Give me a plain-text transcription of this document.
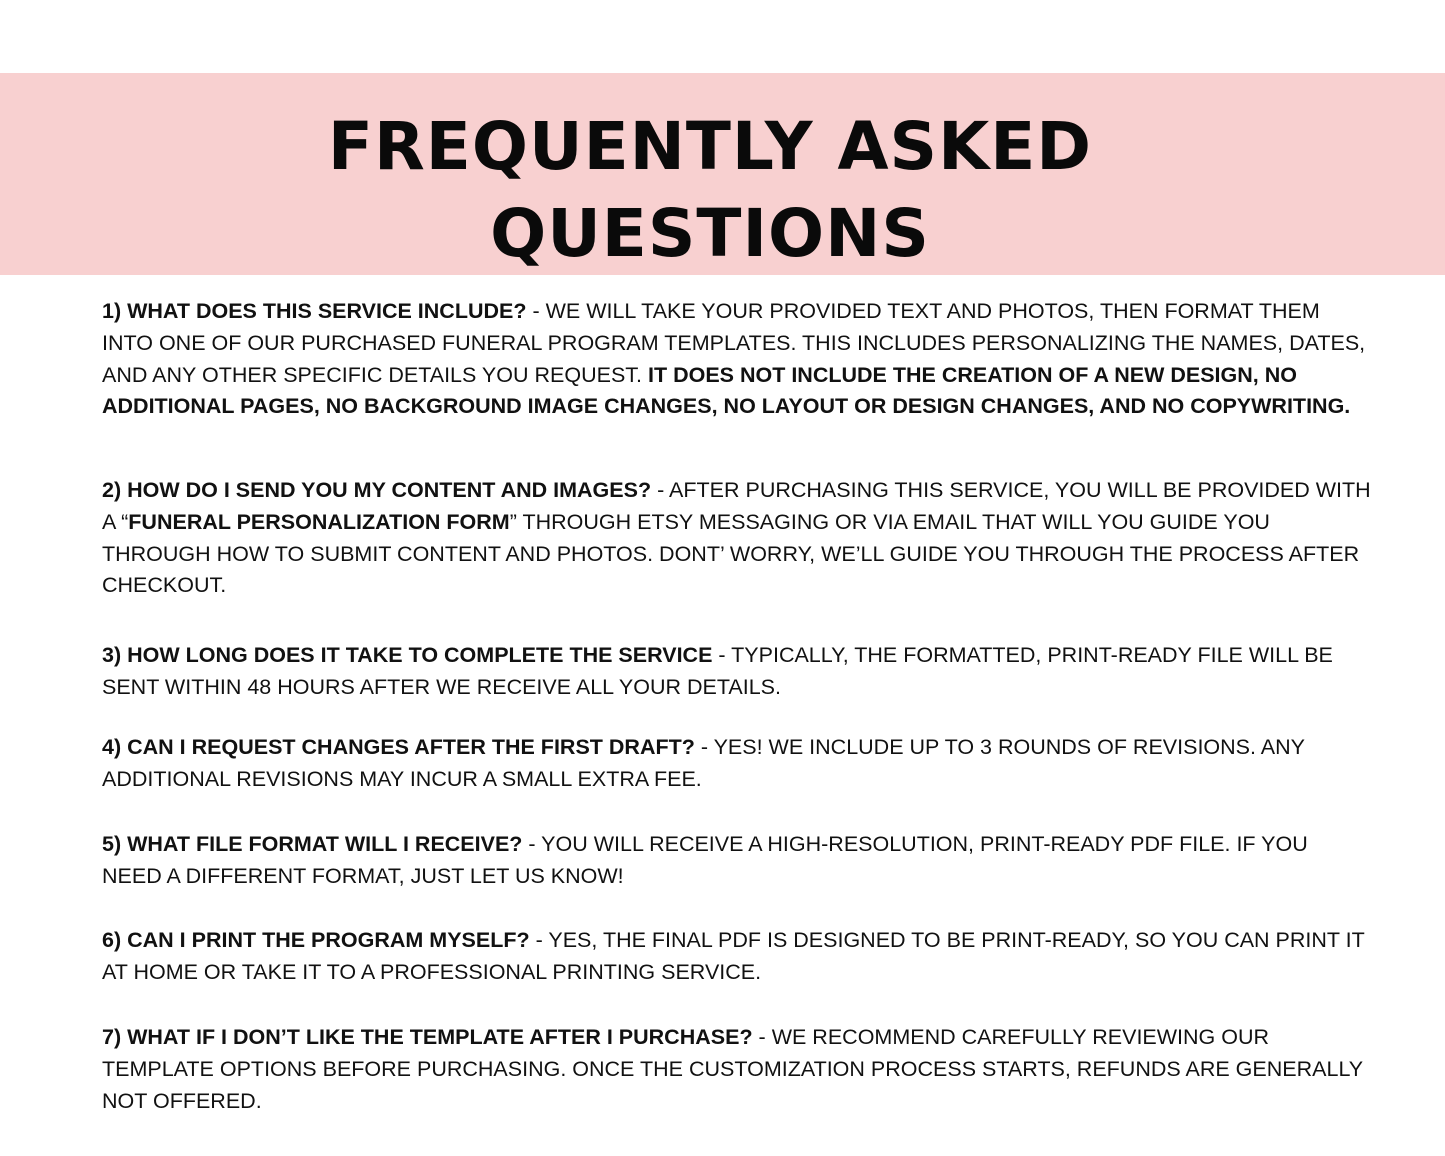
FREQUENTLY ASKED
QUESTIONS

1) WHAT DOES THIS SERVICE INCLUDE? - WE WILL TAKE YOUR PROVIDED TEXT AND PHOTOS, THEN FORMAT THEM INTO ONE OF OUR PURCHASED FUNERAL PROGRAM TEMPLATES. THIS INCLUDES PERSONALIZING THE NAMES, DATES, AND ANY OTHER SPECIFIC DETAILS YOU REQUEST. IT DOES NOT INCLUDE THE CREATION OF A NEW DESIGN, NO ADDITIONAL PAGES, NO BACKGROUND IMAGE CHANGES, NO LAYOUT OR DESIGN CHANGES, AND NO COPYWRITING.

2) HOW DO I SEND YOU MY CONTENT AND IMAGES? - AFTER PURCHASING THIS SERVICE, YOU WILL BE PROVIDED WITH A “FUNERAL PERSONALIZATION FORM” THROUGH ETSY MESSAGING OR VIA EMAIL THAT WILL YOU GUIDE YOU THROUGH HOW TO SUBMIT CONTENT AND PHOTOS. DONT’ WORRY, WE’LL GUIDE YOU THROUGH THE PROCESS AFTER CHECKOUT.

3) HOW LONG DOES IT TAKE TO COMPLETE THE SERVICE - TYPICALLY, THE FORMATTED, PRINT-READY FILE WILL BE SENT WITHIN 48 HOURS AFTER WE RECEIVE ALL YOUR DETAILS.

4) CAN I REQUEST CHANGES AFTER THE FIRST DRAFT? - YES! WE INCLUDE UP TO 3 ROUNDS OF REVISIONS. ANY ADDITIONAL REVISIONS MAY INCUR A SMALL EXTRA FEE.

5) WHAT FILE FORMAT WILL I RECEIVE? - YOU WILL RECEIVE A HIGH-RESOLUTION, PRINT-READY PDF FILE. IF YOU NEED A DIFFERENT FORMAT, JUST LET US KNOW!

6) CAN I PRINT THE PROGRAM MYSELF? - YES, THE FINAL PDF IS DESIGNED TO BE PRINT-READY, SO YOU CAN PRINT IT AT HOME OR TAKE IT TO A PROFESSIONAL PRINTING SERVICE.

7) WHAT IF I DON’T LIKE THE TEMPLATE AFTER I PURCHASE? - WE RECOMMEND CAREFULLY REVIEWING OUR TEMPLATE OPTIONS BEFORE PURCHASING. ONCE THE CUSTOMIZATION PROCESS STARTS, REFUNDS ARE GENERALLY NOT OFFERED.
